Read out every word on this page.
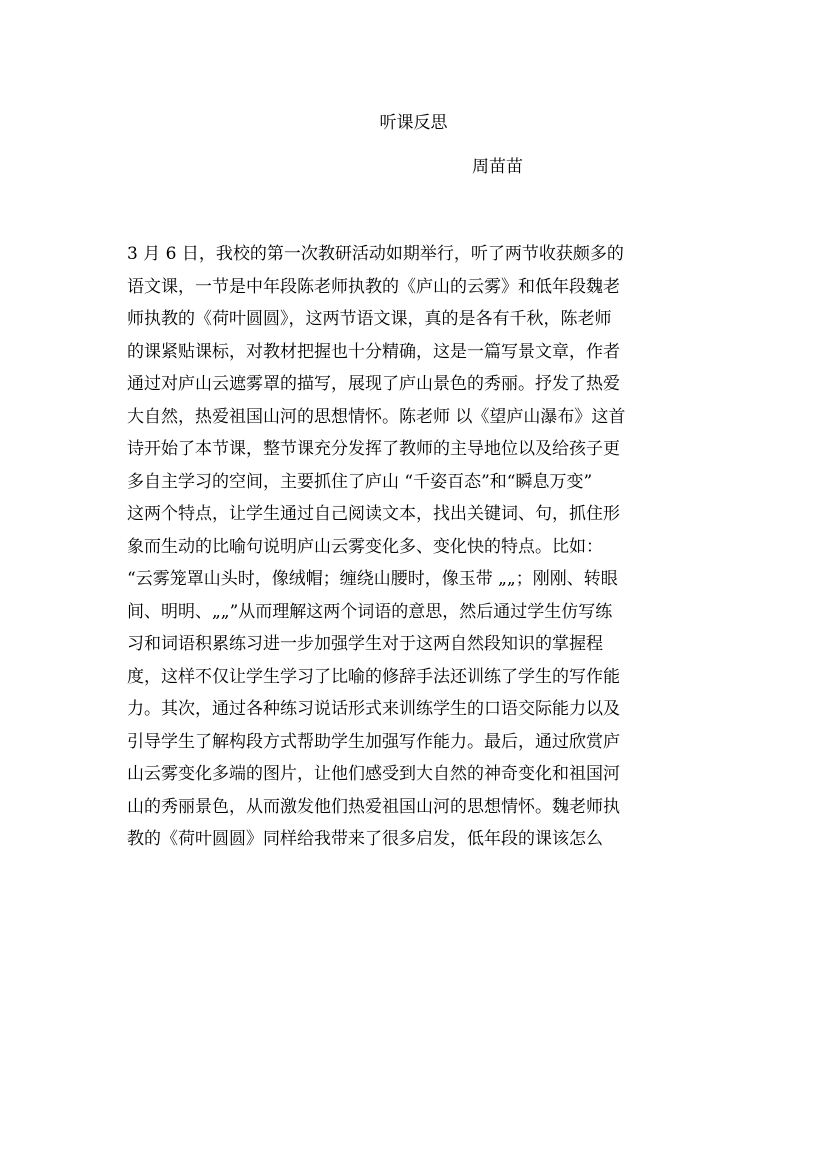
听课反思
周苗苗
3 月 6 日，我校的第一次教研活动如期举行，听了两节收获颇多的
语文课，一节是中年段陈老师执教的《庐山的云雾》和低年段魏老
师执教的《荷叶圆圆》，这两节语文课，真的是各有千秋，陈老师
的课紧贴课标，对教材把握也十分精确，这是一篇写景文章，作者
通过对庐山云遮雾罩的描写，展现了庐山景色的秀丽。抒发了热爱
大自然，热爱祖国山河的思想情怀。陈老师 以《望庐山瀑布》这首
诗开始了本节课，整节课充分发挥了教师的主导地位以及给孩子更
多自主学习的空间，主要抓住了庐山 “千姿百态”和“瞬息万变”
这两个特点，让学生通过自己阅读文本，找出关键词、句，抓住形
象而生动的比喻句说明庐山云雾变化多、变化快的特点。比如：
“云雾笼罩山头时，像绒帽；缠绕山腰时，像玉带 „„；刚刚、转眼
间、明明、„„”从而理解这两个词语的意思，然后通过学生仿写练
习和词语积累练习进一步加强学生对于这两自然段知识的掌握程
度，这样不仅让学生学习了比喻的修辞手法还训练了学生的写作能
力。其次，通过各种练习说话形式来训练学生的口语交际能力以及
引导学生了解构段方式帮助学生加强写作能力。最后，通过欣赏庐
山云雾变化多端的图片，让他们感受到大自然的神奇变化和祖国河
山的秀丽景色，从而激发他们热爱祖国山河的思想情怀。魏老师执
教的《荷叶圆圆》同样给我带来了很多启发，低年段的课该怎么
